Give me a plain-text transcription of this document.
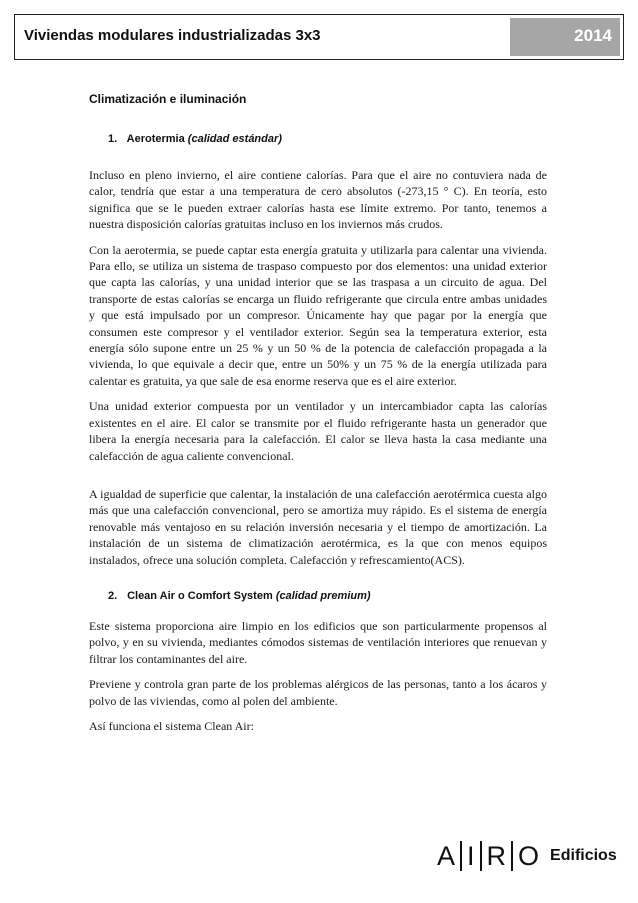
Viviendas modulares industrializadas 3x3	2014
Climatización e iluminación
1. Aerotermia (calidad estándar)

Incluso en pleno invierno, el aire contiene calorías. Para que el aire no contuviera nada de calor, tendría que estar a una temperatura de cero absolutos (-273,15 ° C). En teoría, esto significa que se le pueden extraer calorías hasta ese límite extremo. Por tanto, tenemos a nuestra disposición calorías gratuitas incluso en los inviernos más crudos.

Con la aerotermia, se puede captar esta energía gratuita y utilizarla para calentar una vivienda. Para ello, se utiliza un sistema de traspaso compuesto por dos elementos: una unidad exterior que capta las calorías, y una unidad interior que se las traspasa a un circuito de agua. Del transporte de estas calorías se encarga un fluido refrigerante que circula entre ambas unidades y que está impulsado por un compresor. Únicamente hay que pagar por la energía que consumen este compresor y el ventilador exterior. Según sea la temperatura exterior, esta energía sólo supone entre un 25 % y un 50 % de la potencia de calefacción propagada a la vivienda, lo que equivale a decir que, entre un 50% y un 75 % de la energía utilizada para calentar es gratuita, ya que sale de esa enorme reserva que es el aire exterior.

Una unidad exterior compuesta por un ventilador y un intercambiador capta las calorías existentes en el aire. El calor se transmite por el fluido refrigerante hasta un generador que libera la energía necesaria para la calefacción. El calor se lleva hasta la casa mediante una calefacción de agua caliente convencional.

A igualdad de superficie que calentar, la instalación de una calefacción aerotérmica cuesta algo más que una calefacción convencional, pero se amortiza muy rápido. Es el sistema de energía renovable más ventajoso en su relación inversión necesaria y el tiempo de amortización. La instalación de un sistema de climatización aerotérmica, es la que con menos equipos instalados, ofrece una solución completa. Calefacción y refrescamiento(ACS).

2. Clean Air o Comfort System (calidad premium)

Este sistema proporciona aire limpio en los edificios que son particularmente propensos al polvo, y en su vivienda, mediantes cómodos sistemas de ventilación interiores que renuevan y filtrar los contaminantes del aire.

Previene y controla gran parte de los problemas alérgicos de las personas, tanto a los ácaros y polvo de las viviendas, como al polen del ambiente.

Así funciona el sistema Clean Air:

A I R O Edificios
